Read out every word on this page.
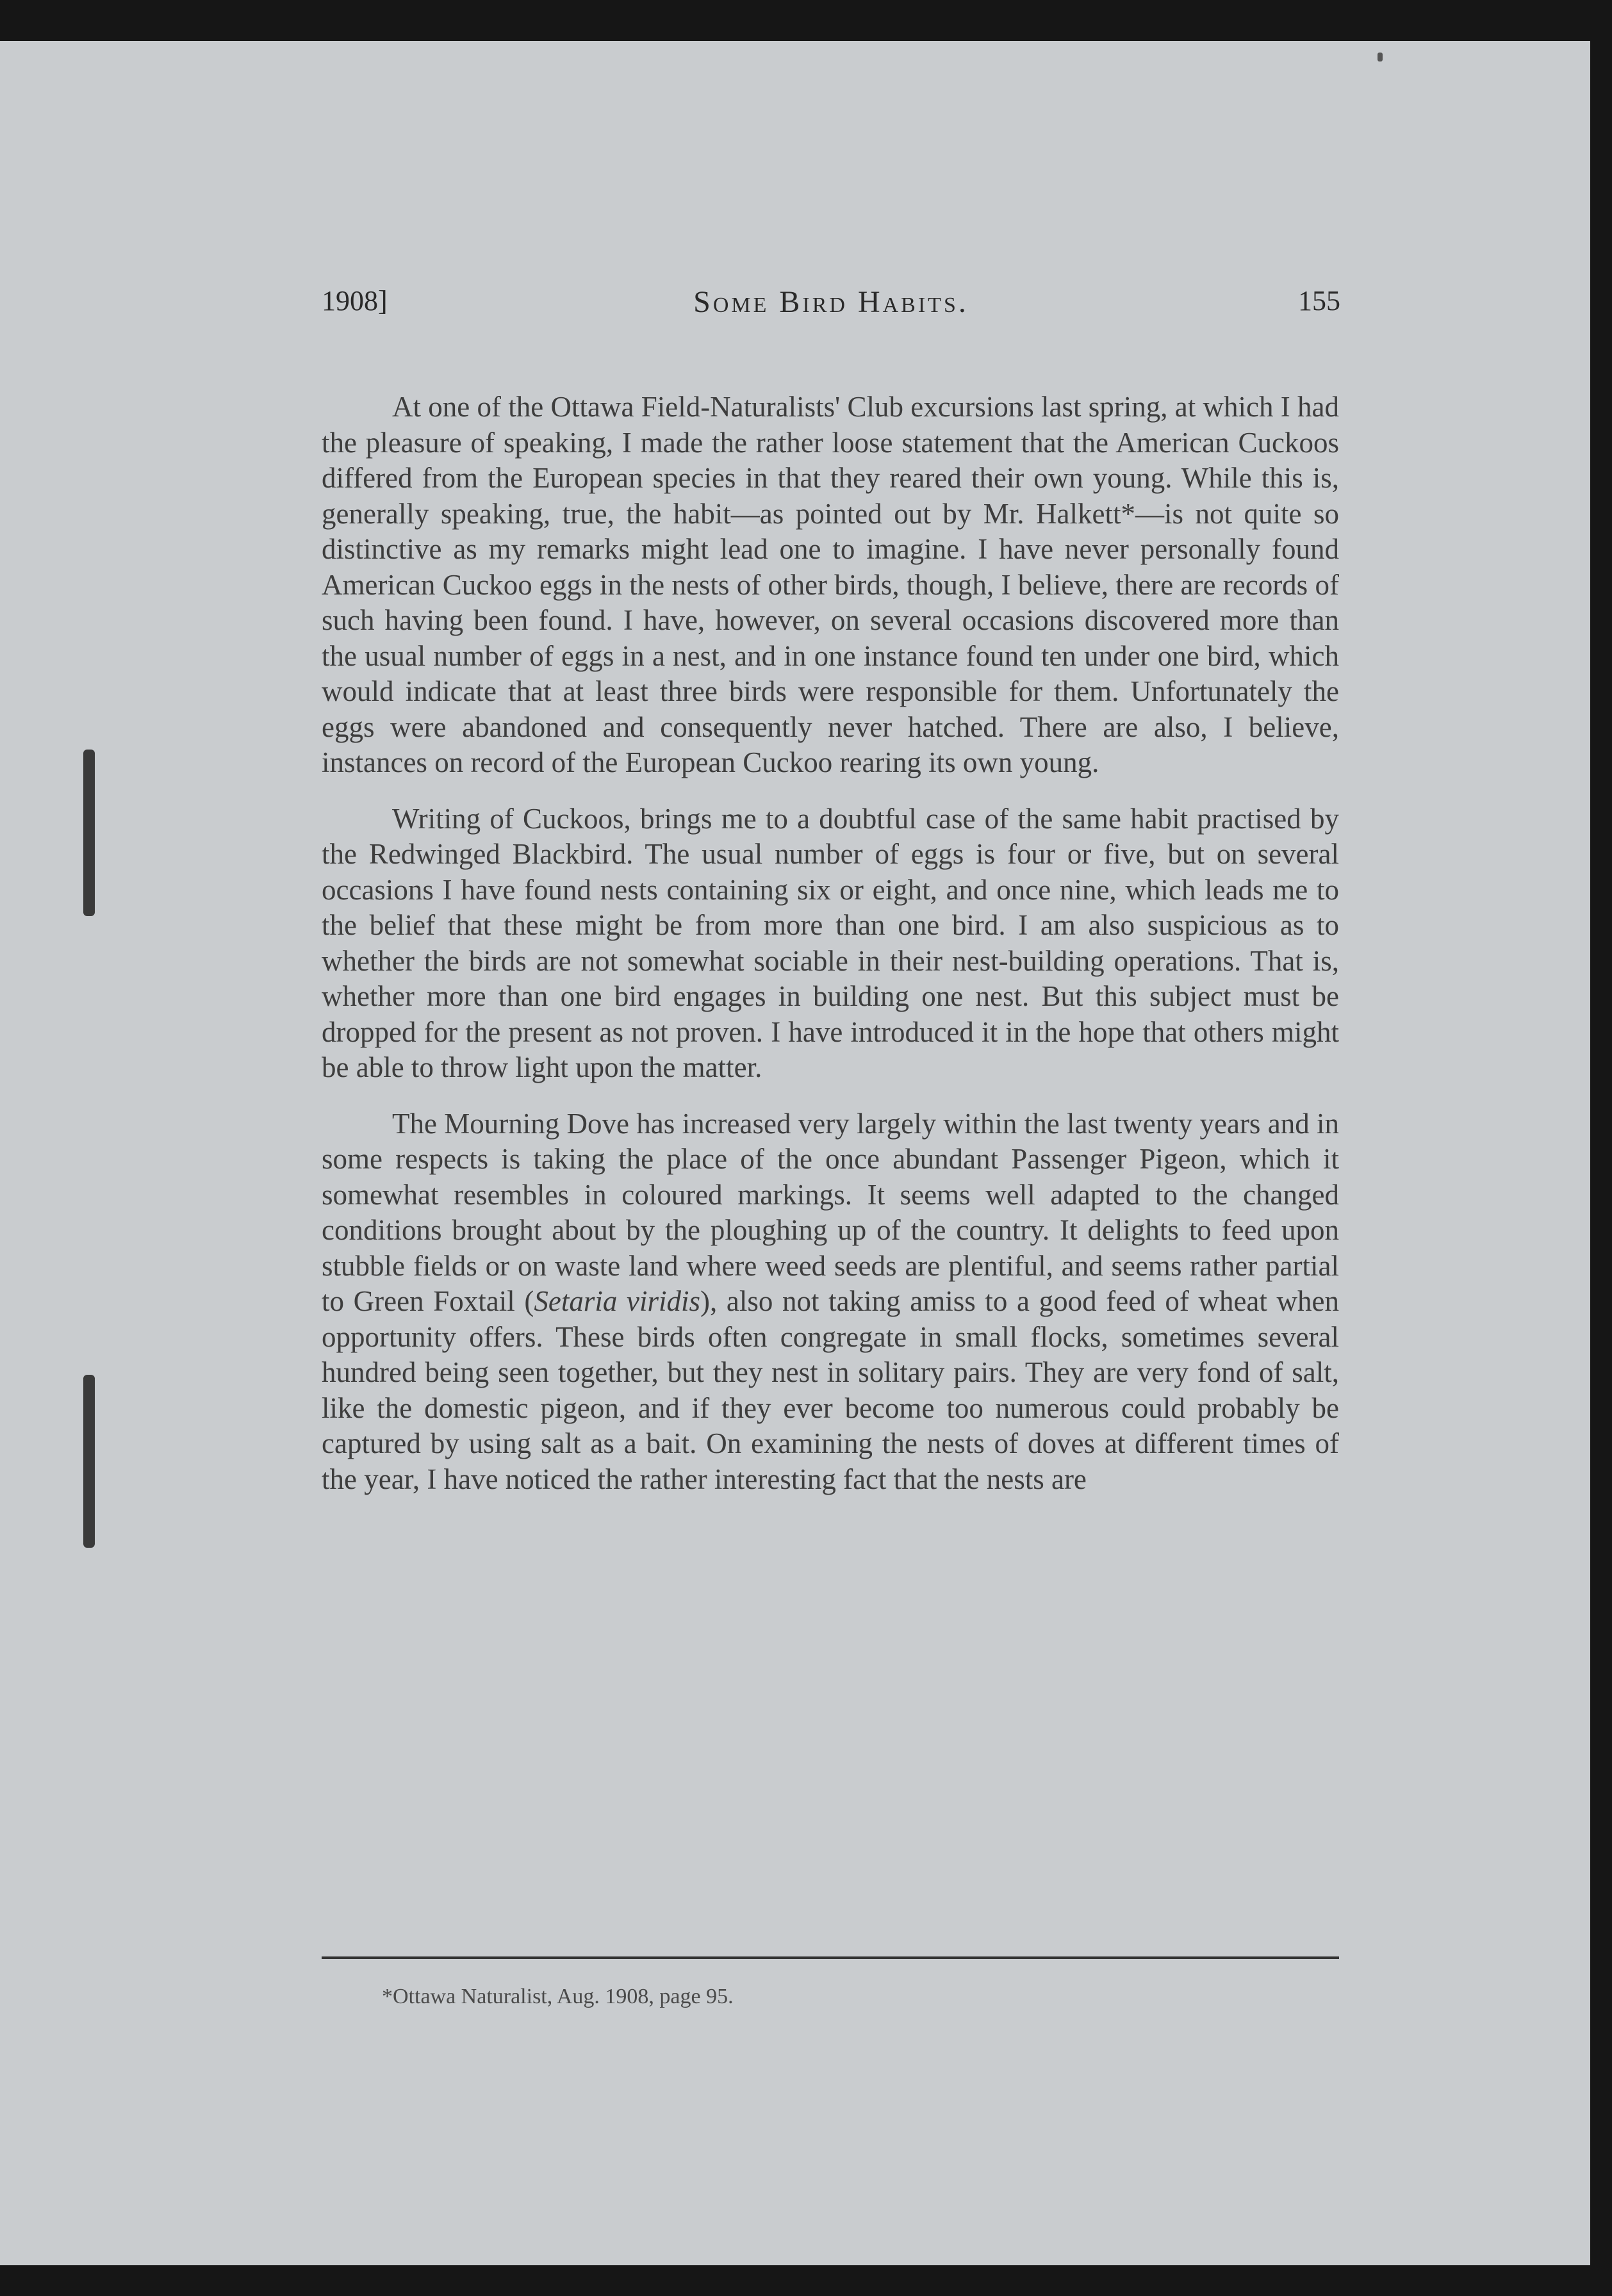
1908]	Some Bird Habits.	155

At one of the Ottawa Field-Naturalists' Club excursions last spring, at which I had the pleasure of speaking, I made the rather loose statement that the American Cuckoos differed from the European species in that they reared their own young. While this is, generally speaking, true, the habit—as pointed out by Mr. Halkett*—is not quite so distinctive as my remarks might lead one to imagine. I have never personally found American Cuckoo eggs in the nests of other birds, though, I believe, there are records of such having been found. I have, however, on several occasions discovered more than the usual number of eggs in a nest, and in one instance found ten under one bird, which would indicate that at least three birds were responsible for them. Unfortunately the eggs were abandoned and consequently never hatched. There are also, I believe, instances on record of the European Cuckoo rearing its own young.

Writing of Cuckoos, brings me to a doubtful case of the same habit practised by the Redwinged Blackbird. The usual number of eggs is four or five, but on several occasions I have found nests containing six or eight, and once nine, which leads me to the belief that these might be from more than one bird. I am also suspicious as to whether the birds are not somewhat sociable in their nest-building operations. That is, whether more than one bird engages in building one nest. But this subject must be dropped for the present as not proven. I have introduced it in the hope that others might be able to throw light upon the matter.

The Mourning Dove has increased very largely within the last twenty years and in some respects is taking the place of the once abundant Passenger Pigeon, which it somewhat resembles in coloured markings. It seems well adapted to the changed conditions brought about by the ploughing up of the country. It delights to feed upon stubble fields or on waste land where weed seeds are plentiful, and seems rather partial to Green Foxtail (Setaria viridis), also not taking amiss to a good feed of wheat when opportunity offers. These birds often congregate in small flocks, sometimes several hundred being seen together, but they nest in solitary pairs. They are very fond of salt, like the domestic pigeon, and if they ever become too numerous could probably be captured by using salt as a bait. On examining the nests of doves at different times of the year, I have noticed the rather interesting fact that the nests are

*Ottawa Naturalist, Aug. 1908, page 95.
